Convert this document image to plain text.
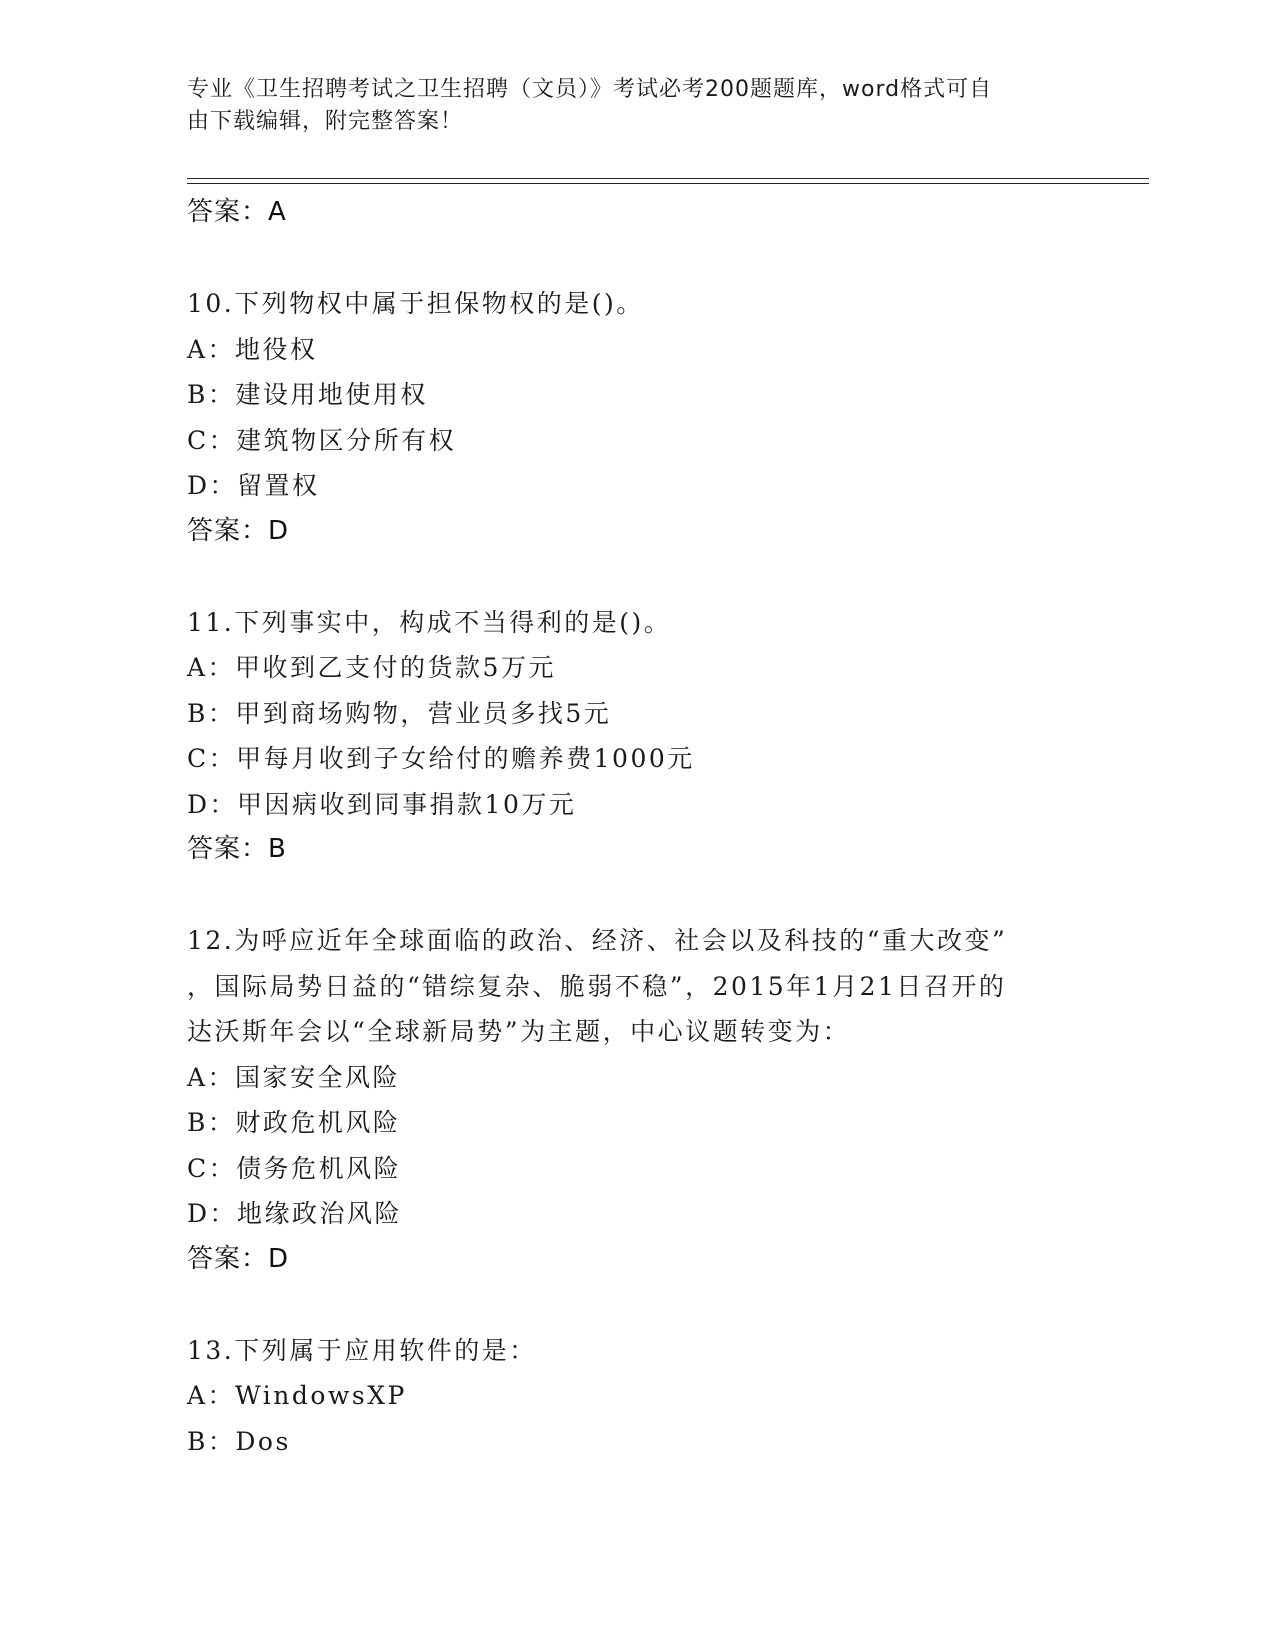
专业《卫生招聘考试之卫生招聘（文员）》考试必考200题题库，word格式可自
由下载编辑，附完整答案！
答案：A
10.下列物权中属于担保物权的是()。
A：地役权
B：建设用地使用权
C：建筑物区分所有权
D：留置权
答案：D
11.下列事实中，构成不当得利的是()。
A：甲收到乙支付的货款5万元
B：甲到商场购物，营业员多找5元
C：甲每月收到子女给付的赡养费1000元
D：甲因病收到同事捐款10万元
答案：B
12.为呼应近年全球面临的政治、经济、社会以及科技的“重大改变”
，国际局势日益的“错综复杂、脆弱不稳”，2015年1月21日召开的
达沃斯年会以“全球新局势”为主题，中心议题转变为：
A：国家安全风险
B：财政危机风险
C：债务危机风险
D：地缘政治风险
答案：D
13.下列属于应用软件的是：
A：WindowsXP
B：Dos
